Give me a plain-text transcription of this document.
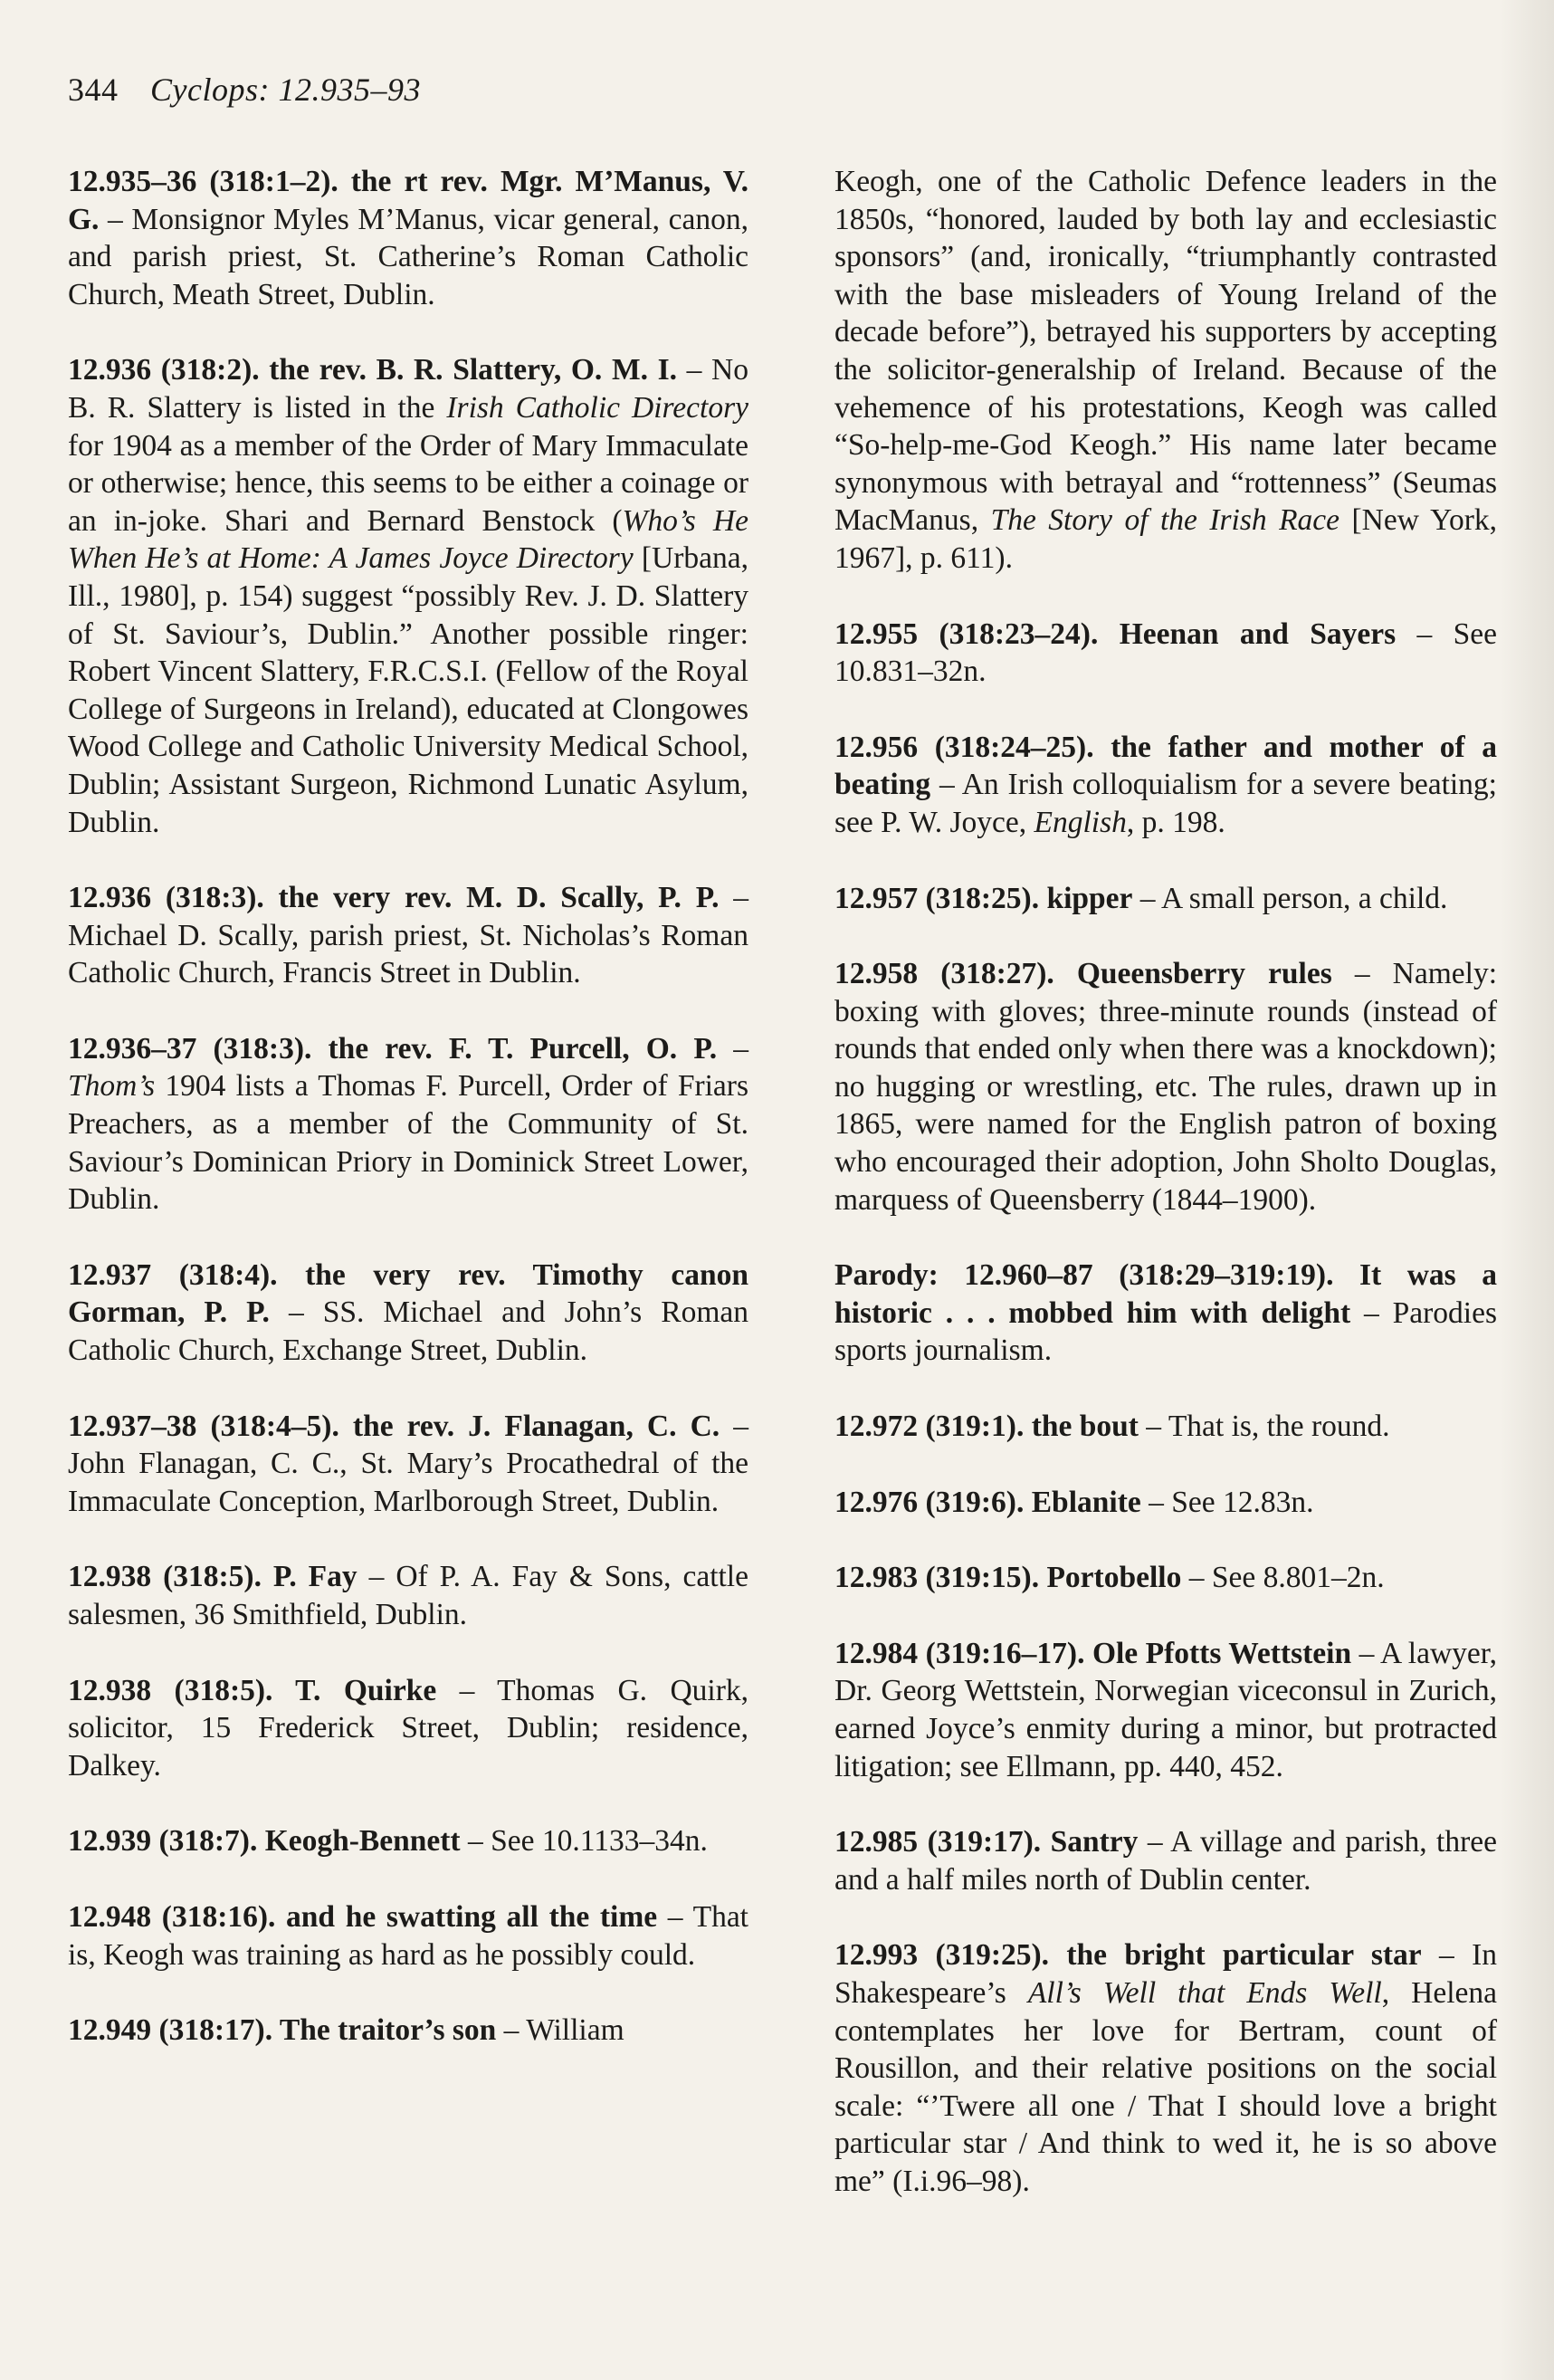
344 Cyclops: 12.935–93

12.935–36 (318:1–2). the rt rev. Mgr. M’Manus, V. G. – Monsignor Myles M’Manus, vicar general, canon, and parish priest, St. Catherine’s Roman Catholic Church, Meath Street, Dublin.

12.936 (318:2). the rev. B. R. Slattery, O. M. I. – No B. R. Slattery is listed in the Irish Catholic Directory for 1904 as a member of the Order of Mary Immaculate or otherwise; hence, this seems to be either a coinage or an in-joke. Shari and Bernard Benstock (Who’s He When He’s at Home: A James Joyce Directory [Urbana, Ill., 1980], p. 154) suggest “possibly Rev. J. D. Slattery of St. Saviour’s, Dublin.” Another possible ringer: Robert Vincent Slattery, F.R.C.S.I. (Fellow of the Royal College of Surgeons in Ireland), educated at Clongowes Wood College and Catholic University Medical School, Dublin; Assistant Surgeon, Richmond Lunatic Asylum, Dublin.

12.936 (318:3). the very rev. M. D. Scally, P. P. – Michael D. Scally, parish priest, St. Nicholas’s Roman Catholic Church, Francis Street in Dublin.

12.936–37 (318:3). the rev. F. T. Purcell, O. P. – Thom’s 1904 lists a Thomas F. Purcell, Order of Friars Preachers, as a member of the Community of St. Saviour’s Dominican Priory in Dominick Street Lower, Dublin.

12.937 (318:4). the very rev. Timothy canon Gorman, P. P. – SS. Michael and John’s Roman Catholic Church, Exchange Street, Dublin.

12.937–38 (318:4–5). the rev. J. Flanagan, C. C. – John Flanagan, C. C., St. Mary’s Procathedral of the Immaculate Conception, Marlborough Street, Dublin.

12.938 (318:5). P. Fay – Of P. A. Fay & Sons, cattle salesmen, 36 Smithfield, Dublin.

12.938 (318:5). T. Quirke – Thomas G. Quirk, solicitor, 15 Frederick Street, Dublin; residence, Dalkey.

12.939 (318:7). Keogh-Bennett – See 10.1133–34n.

12.948 (318:16). and he swatting all the time – That is, Keogh was training as hard as he possibly could.

12.949 (318:17). The traitor’s son – William

Keogh, one of the Catholic Defence leaders in the 1850s, “honored, lauded by both lay and ecclesiastic sponsors” (and, ironically, “triumphantly contrasted with the base misleaders of Young Ireland of the decade before”), betrayed his supporters by accepting the solicitor-generalship of Ireland. Because of the vehemence of his protestations, Keogh was called “So-help-me-God Keogh.” His name later became synonymous with betrayal and “rottenness” (Seumas MacManus, The Story of the Irish Race [New York, 1967], p. 611).

12.955 (318:23–24). Heenan and Sayers – See 10.831–32n.

12.956 (318:24–25). the father and mother of a beating – An Irish colloquialism for a severe beating; see P. W. Joyce, English, p. 198.

12.957 (318:25). kipper – A small person, a child.

12.958 (318:27). Queensberry rules – Namely: boxing with gloves; three-minute rounds (instead of rounds that ended only when there was a knockdown); no hugging or wrestling, etc. The rules, drawn up in 1865, were named for the English patron of boxing who encouraged their adoption, John Sholto Douglas, marquess of Queensberry (1844–1900).

Parody: 12.960–87 (318:29–319:19). It was a historic . . . mobbed him with delight – Parodies sports journalism.

12.972 (319:1). the bout – That is, the round.

12.976 (319:6). Eblanite – See 12.83n.

12.983 (319:15). Portobello – See 8.801–2n.

12.984 (319:16–17). Ole Pfotts Wettstein – A lawyer, Dr. Georg Wettstein, Norwegian viceconsul in Zurich, earned Joyce’s enmity during a minor, but protracted litigation; see Ellmann, pp. 440, 452.

12.985 (319:17). Santry – A village and parish, three and a half miles north of Dublin center.

12.993 (319:25). the bright particular star – In Shakespeare’s All’s Well that Ends Well, Helena contemplates her love for Bertram, count of Rousillon, and their relative positions on the social scale: “’Twere all one / That I should love a bright particular star / And think to wed it, he is so above me” (I.i.96–98).
